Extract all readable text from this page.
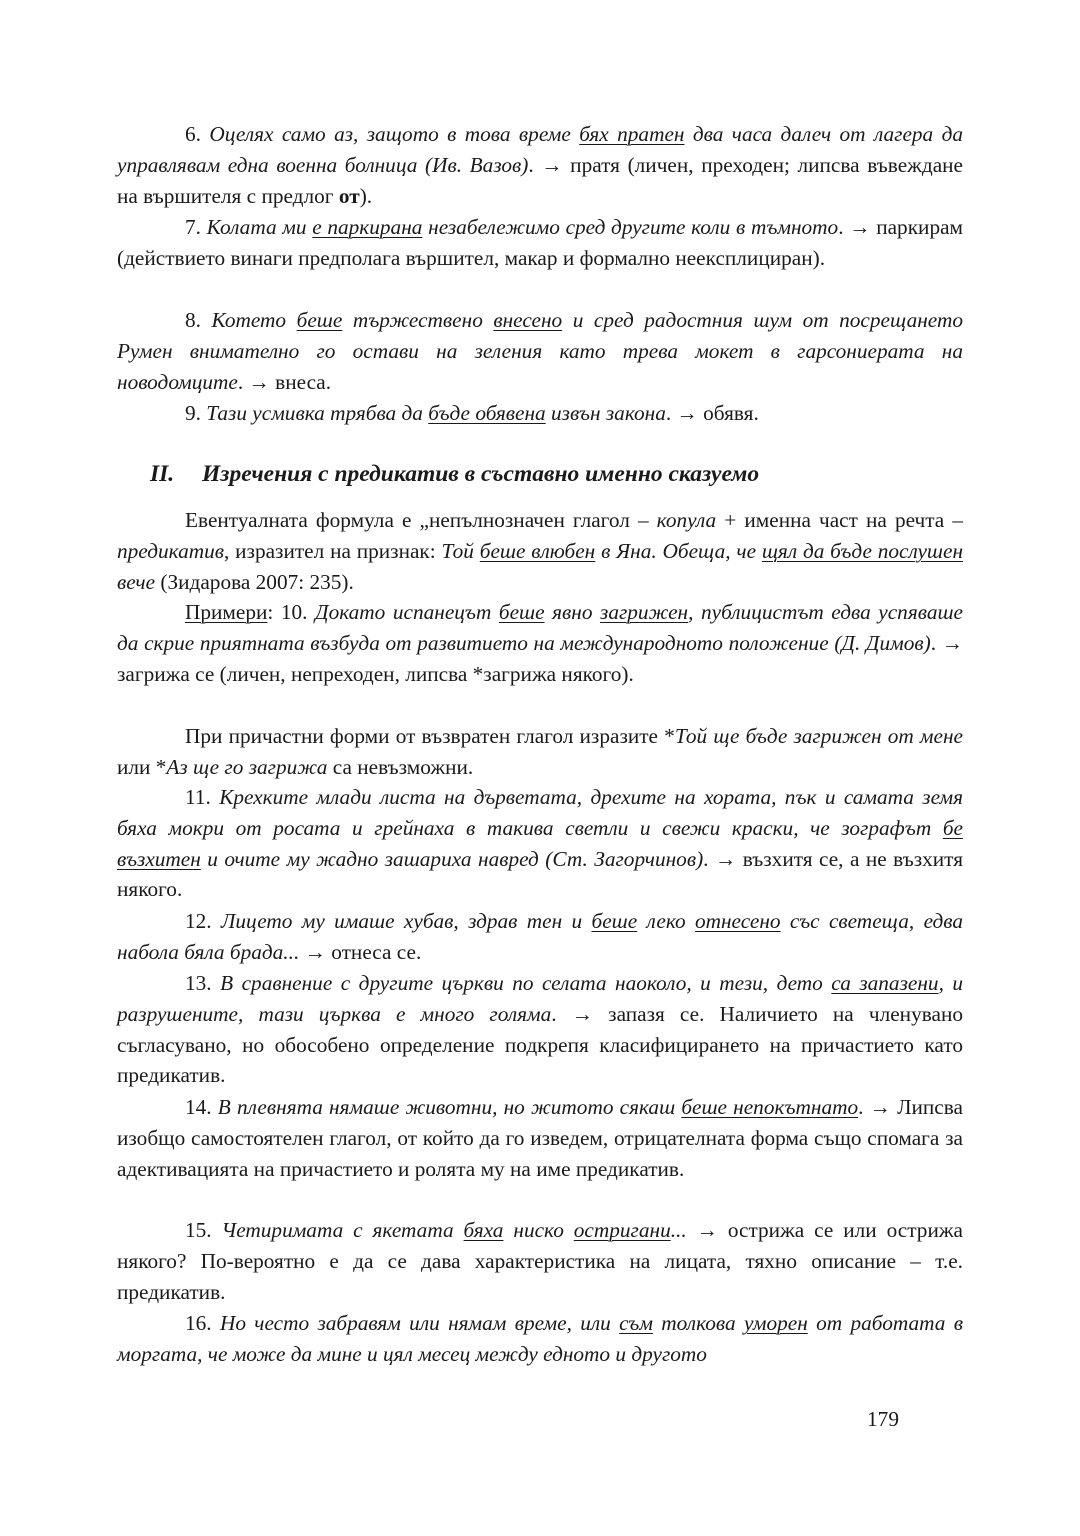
6. Оцелях само аз, защото в това време бях пратен два часа далеч от лагера да управлявам една военна болница (Ив. Вазов). → пратя (личен, преходен; липсва въвеждане на вършителя с предлог от).

7. Колата ми е паркирана незабележимо сред другите коли в тъмното. → паркирам (действието винаги предполага вършител, макар и формално неексплициран).

8. Котето беше тържествено внесено и сред радостния шум от посрещането Румен внимателно го остави на зеления като трева мокет в гарсониерата на новодомците. → внеса.

9. Тази усмивка трябва да бъде обявена извън закона. → обявя.

II. Изречения с предикатив в съставно именно сказуемо

Евентуалната формула е „непълнозначен глагол – копула + именна част на речта – предикатив, изразител на признак: Той беше влюбен в Яна. Обеща, че щял да бъде послушен вече (Зидарова 2007: 235).

Примери: 10. Докато испанецът беше явно загрижен, публицистът едва успяваше да скрие приятната възбуда от развитието на международното положение (Д. Димов). → загрижа се (личен, непреходен, липсва *загрижа някого).

При причастни форми от възвратен глагол изразите *Той ще бъде загрижен от мене или *Аз ще го загрижа са невъзможни.

11. Крехките млади листа на дърветата, дрехите на хората, пък и самата земя бяха мокри от росата и грейнаха в такива светли и свежи краски, че зографът бе възхитен и очите му жадно зашариха навред (Ст. Загорчинов). → възхитя се, а не възхитя някого.

12. Лицето му имаше хубав, здрав тен и беше леко отнесено със светеща, едва набола бяла брада... → отнеса се.

13. В сравнение с другите църкви по селата наоколо, и тези, дето са запазени, и разрушените, тази църква е много голяма. → запазя се. Наличието на членувано съгласувано, но обособено определение подкрепя класифицирането на причастието като предикатив.

14. В плевнята нямаше животни, но житото сякаш беше непокътнато. → Липсва изобщо самостоятелен глагол, от който да го изведем, отрицателната форма също спомага за адективацията на причастието и ролята му на име предикатив.

15. Четиримата с якетата бяха ниско остригани... → острижа се или острижа някого? По-вероятно е да се дава характеристика на лицата, тяхно описание – т.е. предикатив.

16. Но често забравям или нямам време, или съм толкова уморен от работата в моргата, че може да мине и цял месец между едното и другото

179
